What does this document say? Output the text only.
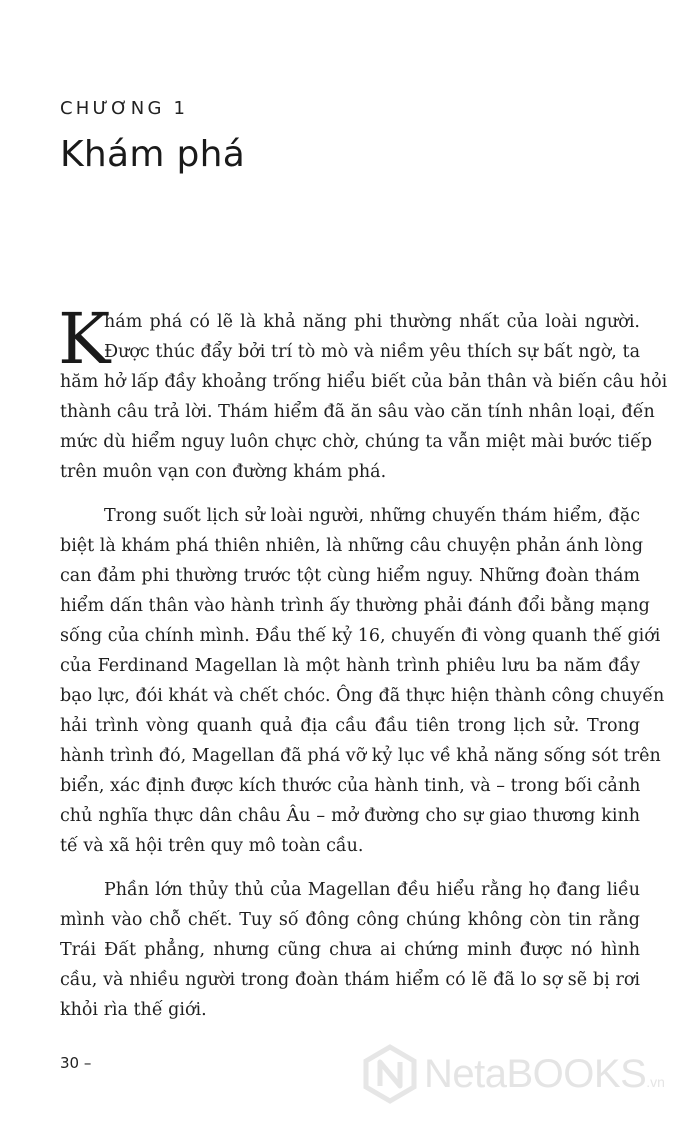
CHƯƠNG 1
Khám phá
K
hám phá có lẽ là khả năng phi thường nhất của loài người.
Được thúc đẩy bởi trí tò mò và niềm yêu thích sự bất ngờ, ta
hăm hở lấp đầy khoảng trống hiểu biết của bản thân và biến câu hỏi
thành câu trả lời. Thám hiểm đã ăn sâu vào căn tính nhân loại, đến
mức dù hiểm nguy luôn chực chờ, chúng ta vẫn miệt mài bước tiếp
trên muôn vạn con đường khám phá.
Trong suốt lịch sử loài người, những chuyến thám hiểm, đặc
biệt là khám phá thiên nhiên, là những câu chuyện phản ánh lòng
can đảm phi thường trước tột cùng hiểm nguy. Những đoàn thám
hiểm dấn thân vào hành trình ấy thường phải đánh đổi bằng mạng
sống của chính mình. Đầu thế kỷ 16, chuyến đi vòng quanh thế giới
của Ferdinand Magellan là một hành trình phiêu lưu ba năm đầy
bạo lực, đói khát và chết chóc. Ông đã thực hiện thành công chuyến
hải trình vòng quanh quả địa cầu đầu tiên trong lịch sử. Trong
hành trình đó, Magellan đã phá vỡ kỷ lục về khả năng sống sót trên
biển, xác định được kích thước của hành tinh, và – trong bối cảnh
chủ nghĩa thực dân châu Âu – mở đường cho sự giao thương kinh
tế và xã hội trên quy mô toàn cầu.
Phần lớn thủy thủ của Magellan đều hiểu rằng họ đang liều
mình vào chỗ chết. Tuy số đông công chúng không còn tin rằng
Trái Đất phẳng, nhưng cũng chưa ai chứng minh được nó hình
cầu, và nhiều người trong đoàn thám hiểm có lẽ đã lo sợ sẽ bị rơi
khỏi rìa thế giới.
30 –	NetaBOOKS .vn
